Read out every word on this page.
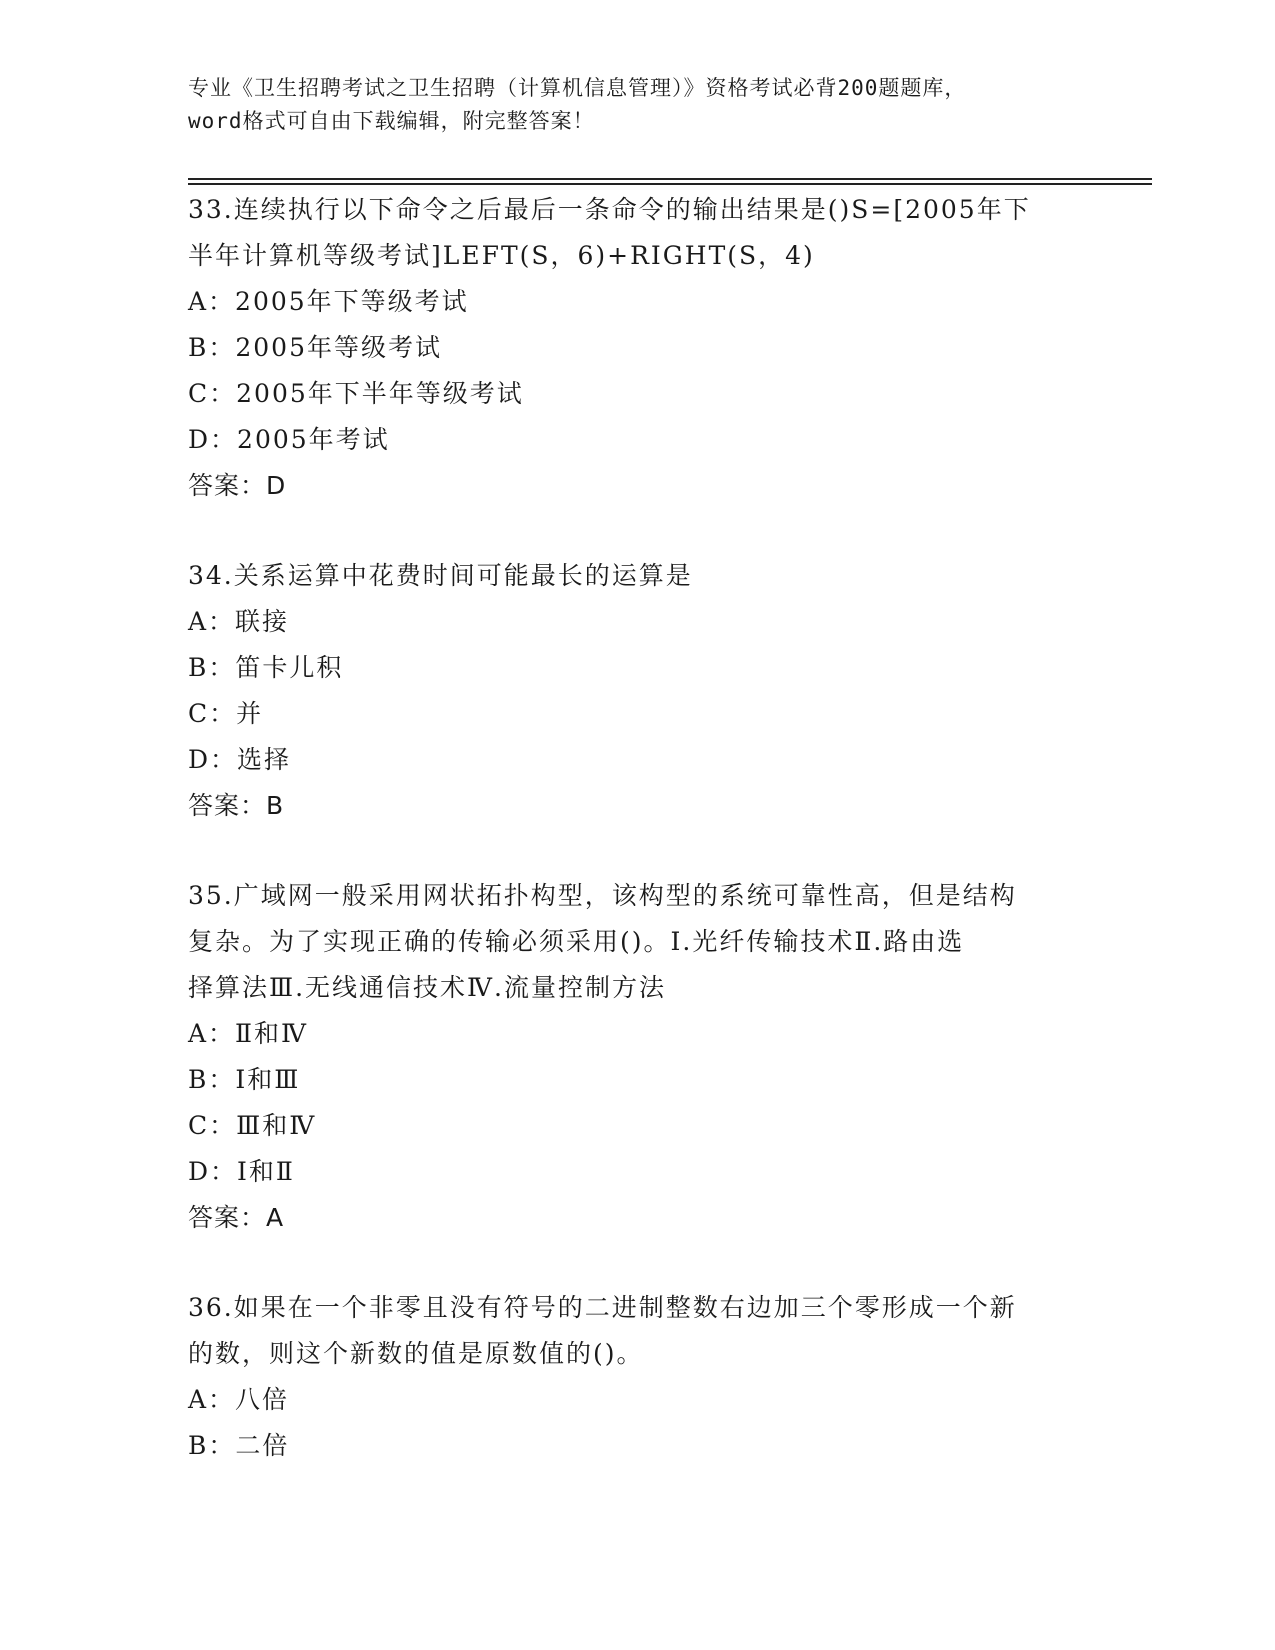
专业《卫生招聘考试之卫生招聘（计算机信息管理）》资格考试必背200题题库，

word格式可自由下载编辑，附完整答案！

33.连续执行以下命令之后最后一条命令的输出结果是()S=[2005年下

半年计算机等级考试]LEFT(S，6)+RIGHT(S，4)

A：2005年下等级考试

B：2005年等级考试

C：2005年下半年等级考试

D：2005年考试

答案：D

34.关系运算中花费时间可能最长的运算是

A：联接

B：笛卡儿积

C：并

D：选择

答案：B

35.广域网一般采用网状拓扑构型，该构型的系统可靠性高，但是结构

复杂。为了实现正确的传输必须采用()。Ⅰ.光纤传输技术Ⅱ.路由选

择算法Ⅲ.无线通信技术Ⅳ.流量控制方法

A：Ⅱ和Ⅳ

B：Ⅰ和Ⅲ

C：Ⅲ和Ⅳ

D：Ⅰ和Ⅱ

答案：A

36.如果在一个非零且没有符号的二进制整数右边加三个零形成一个新

的数，则这个新数的值是原数值的()。

A：八倍

B：二倍
